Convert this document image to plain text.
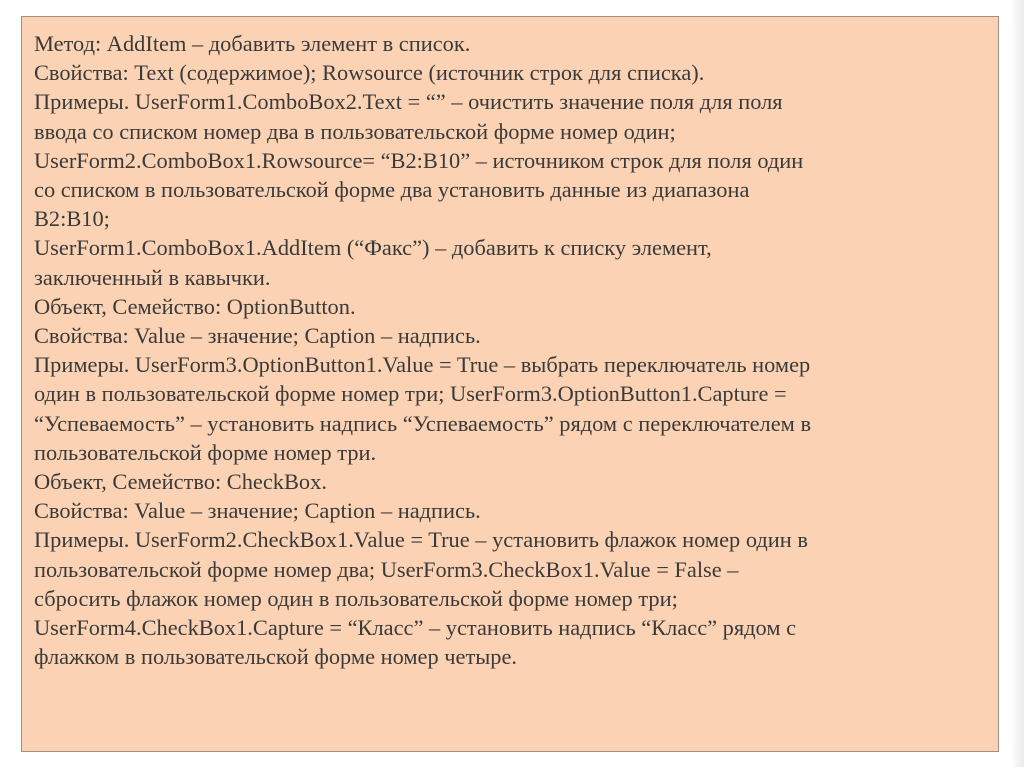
Метод: AddItem – добавить элемент в список.
Свойства: Text (содержимое); Rowsource (источник строк для списка).
Примеры. UserForm1.ComboBox2.Text = “” – очистить значение поля для поля
ввода со списком номер два в пользовательской форме номер один;
UserForm2.ComboBox1.Rowsource= “B2:B10” – источником строк для поля один
со списком в пользовательской форме два установить данные из диапазона
B2:B10;
UserForm1.ComboBox1.AddItem (“Факс”) – добавить к списку элемент,
заключенный в кавычки.
Объект, Семейство: OptionButton.
Свойства: Value – значение; Caption – надпись.
Примеры. UserForm3.OptionButton1.Value = True – выбрать переключатель номер
один в пользовательской форме номер три; UserForm3.OptionButton1.Capture =
“Успеваемость” – установить надпись “Успеваемость” рядом с переключателем в
пользовательской форме номер три.
Объект, Семейство: CheckBox.
Свойства: Value – значение; Caption – надпись.
Примеры. UserForm2.CheckBox1.Value = True – установить флажок номер один в
пользовательской форме номер два; UserForm3.CheckBox1.Value = False –
сбросить флажок номер один в пользовательской форме номер три;
UserForm4.CheckBox1.Capture = “Класс” – установить надпись “Класс” рядом с
флажком в пользовательской форме номер четыре.
